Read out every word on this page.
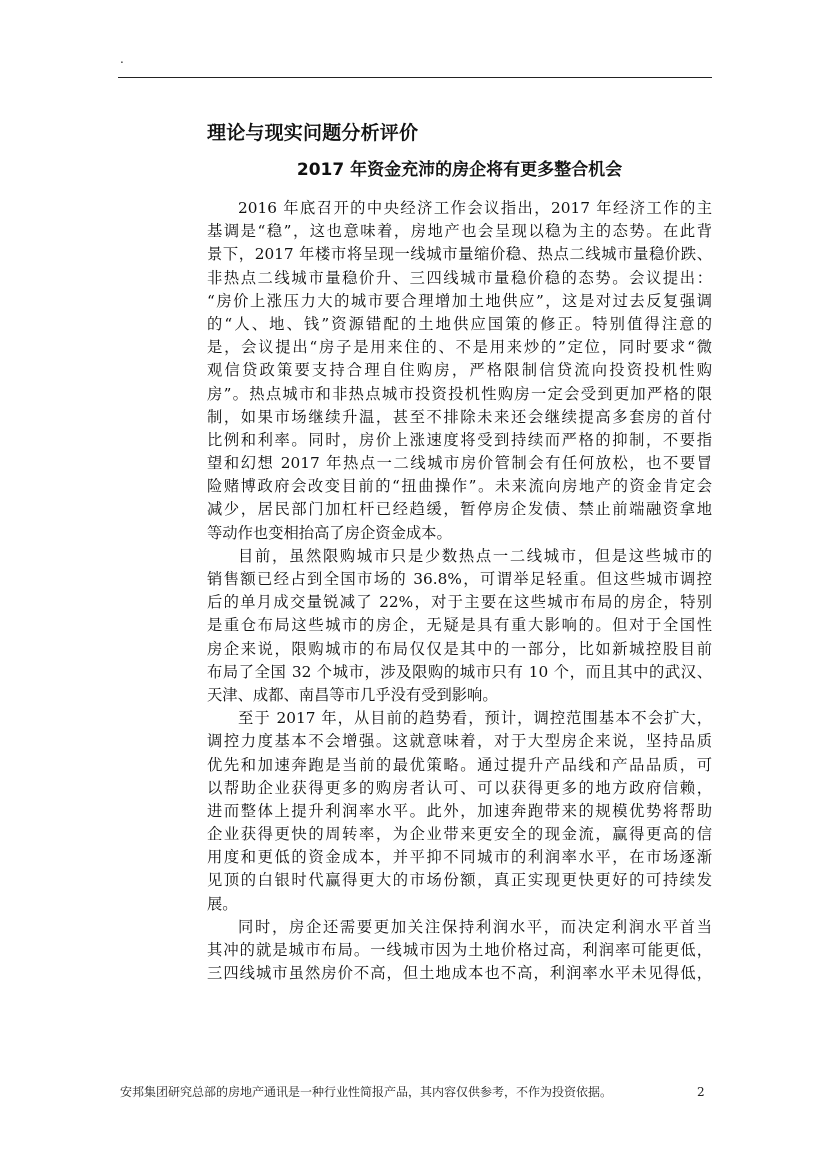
.
理论与现实问题分析评价
2017 年资金充沛的房企将有更多整合机会
2016 年底召开的中央经济工作会议指出，2017 年经济工作的主
基调是“稳”，这也意味着，房地产也会呈现以稳为主的态势。在此背
景下，2017 年楼市将呈现一线城市量缩价稳、热点二线城市量稳价跌、
非热点二线城市量稳价升、三四线城市量稳价稳的态势。会议提出：
“房价上涨压力大的城市要合理增加土地供应”，这是对过去反复强调
的“人、地、钱”资源错配的土地供应国策的修正。特别值得注意的
是，会议提出“房子是用来住的、不是用来炒的”定位，同时要求“微
观信贷政策要支持合理自住购房，严格限制信贷流向投资投机性购
房”。热点城市和非热点城市投资投机性购房一定会受到更加严格的限
制，如果市场继续升温，甚至不排除未来还会继续提高多套房的首付
比例和利率。同时，房价上涨速度将受到持续而严格的抑制，不要指
望和幻想 2017 年热点一二线城市房价管制会有任何放松，也不要冒
险赌博政府会改变目前的“扭曲操作”。未来流向房地产的资金肯定会
减少，居民部门加杠杆已经趋缓，暂停房企发债、禁止前端融资拿地
等动作也变相抬高了房企资金成本。
目前，虽然限购城市只是少数热点一二线城市，但是这些城市的
销售额已经占到全国市场的 36.8%，可谓举足轻重。但这些城市调控
后的单月成交量锐减了 22%，对于主要在这些城市布局的房企，特别
是重仓布局这些城市的房企，无疑是具有重大影响的。但对于全国性
房企来说，限购城市的布局仅仅是其中的一部分，比如新城控股目前
布局了全国 32 个城市，涉及限购的城市只有 10 个，而且其中的武汉、
天津、成都、南昌等市几乎没有受到影响。
至于 2017 年，从目前的趋势看，预计，调控范围基本不会扩大，
调控力度基本不会增强。这就意味着，对于大型房企来说，坚持品质
优先和加速奔跑是当前的最优策略。通过提升产品线和产品品质，可
以帮助企业获得更多的购房者认可、可以获得更多的地方政府信赖，
进而整体上提升利润率水平。此外，加速奔跑带来的规模优势将帮助
企业获得更快的周转率，为企业带来更安全的现金流，赢得更高的信
用度和更低的资金成本，并平抑不同城市的利润率水平，在市场逐渐
见顶的白银时代赢得更大的市场份额，真正实现更快更好的可持续发
展。
同时，房企还需要更加关注保持利润水平，而决定利润水平首当
其冲的就是城市布局。一线城市因为土地价格过高，利润率可能更低，
三四线城市虽然房价不高，但土地成本也不高，利润率水平未见得低，
安邦集团研究总部的房地产通讯是一种行业性简报产品，其内容仅供参考，不作为投资依据。	2
